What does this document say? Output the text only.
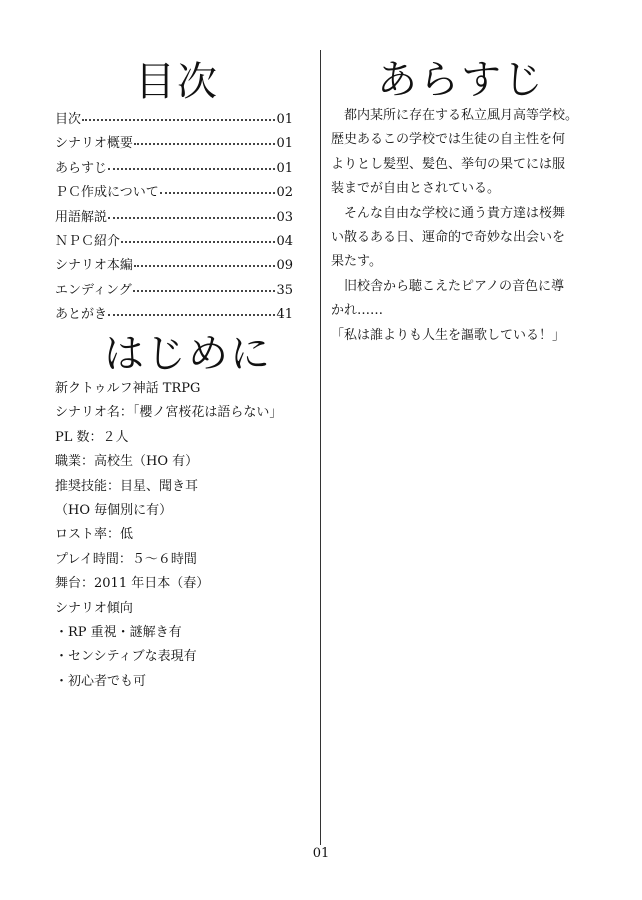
目次
目次	01
シナリオ概要	01
あらすじ	01
ＰＣ作成について	02
用語解説	03
ＮＰＣ紹介	04
シナリオ本編	09
エンディング	35
あとがき	41
はじめに
新クトゥルフ神話 TRPG
シナリオ名：「櫻ノ宮桜花は語らない」
PL 数：２人
職業：高校生（HO 有）
推奨技能：目星、聞き耳
（HO 毎個別に有）
ロスト率：低
プレイ時間：５～６時間
舞台：2011 年日本（春）
シナリオ傾向
・RP 重視・謎解き有
・センシティブな表現有
・初心者でも可
あらすじ
　都内某所に存在する私立風月高等学校。
歴史あるこの学校では生徒の自主性を何
よりとし髪型、髪色、挙句の果てには服
装までが自由とされている。
　そんな自由な学校に通う貴方達は桜舞
い散るある日、運命的で奇妙な出会いを
果たす。
　旧校舎から聴こえたピアノの音色に導
かれ……
「私は誰よりも人生を謳歌している！」
01
